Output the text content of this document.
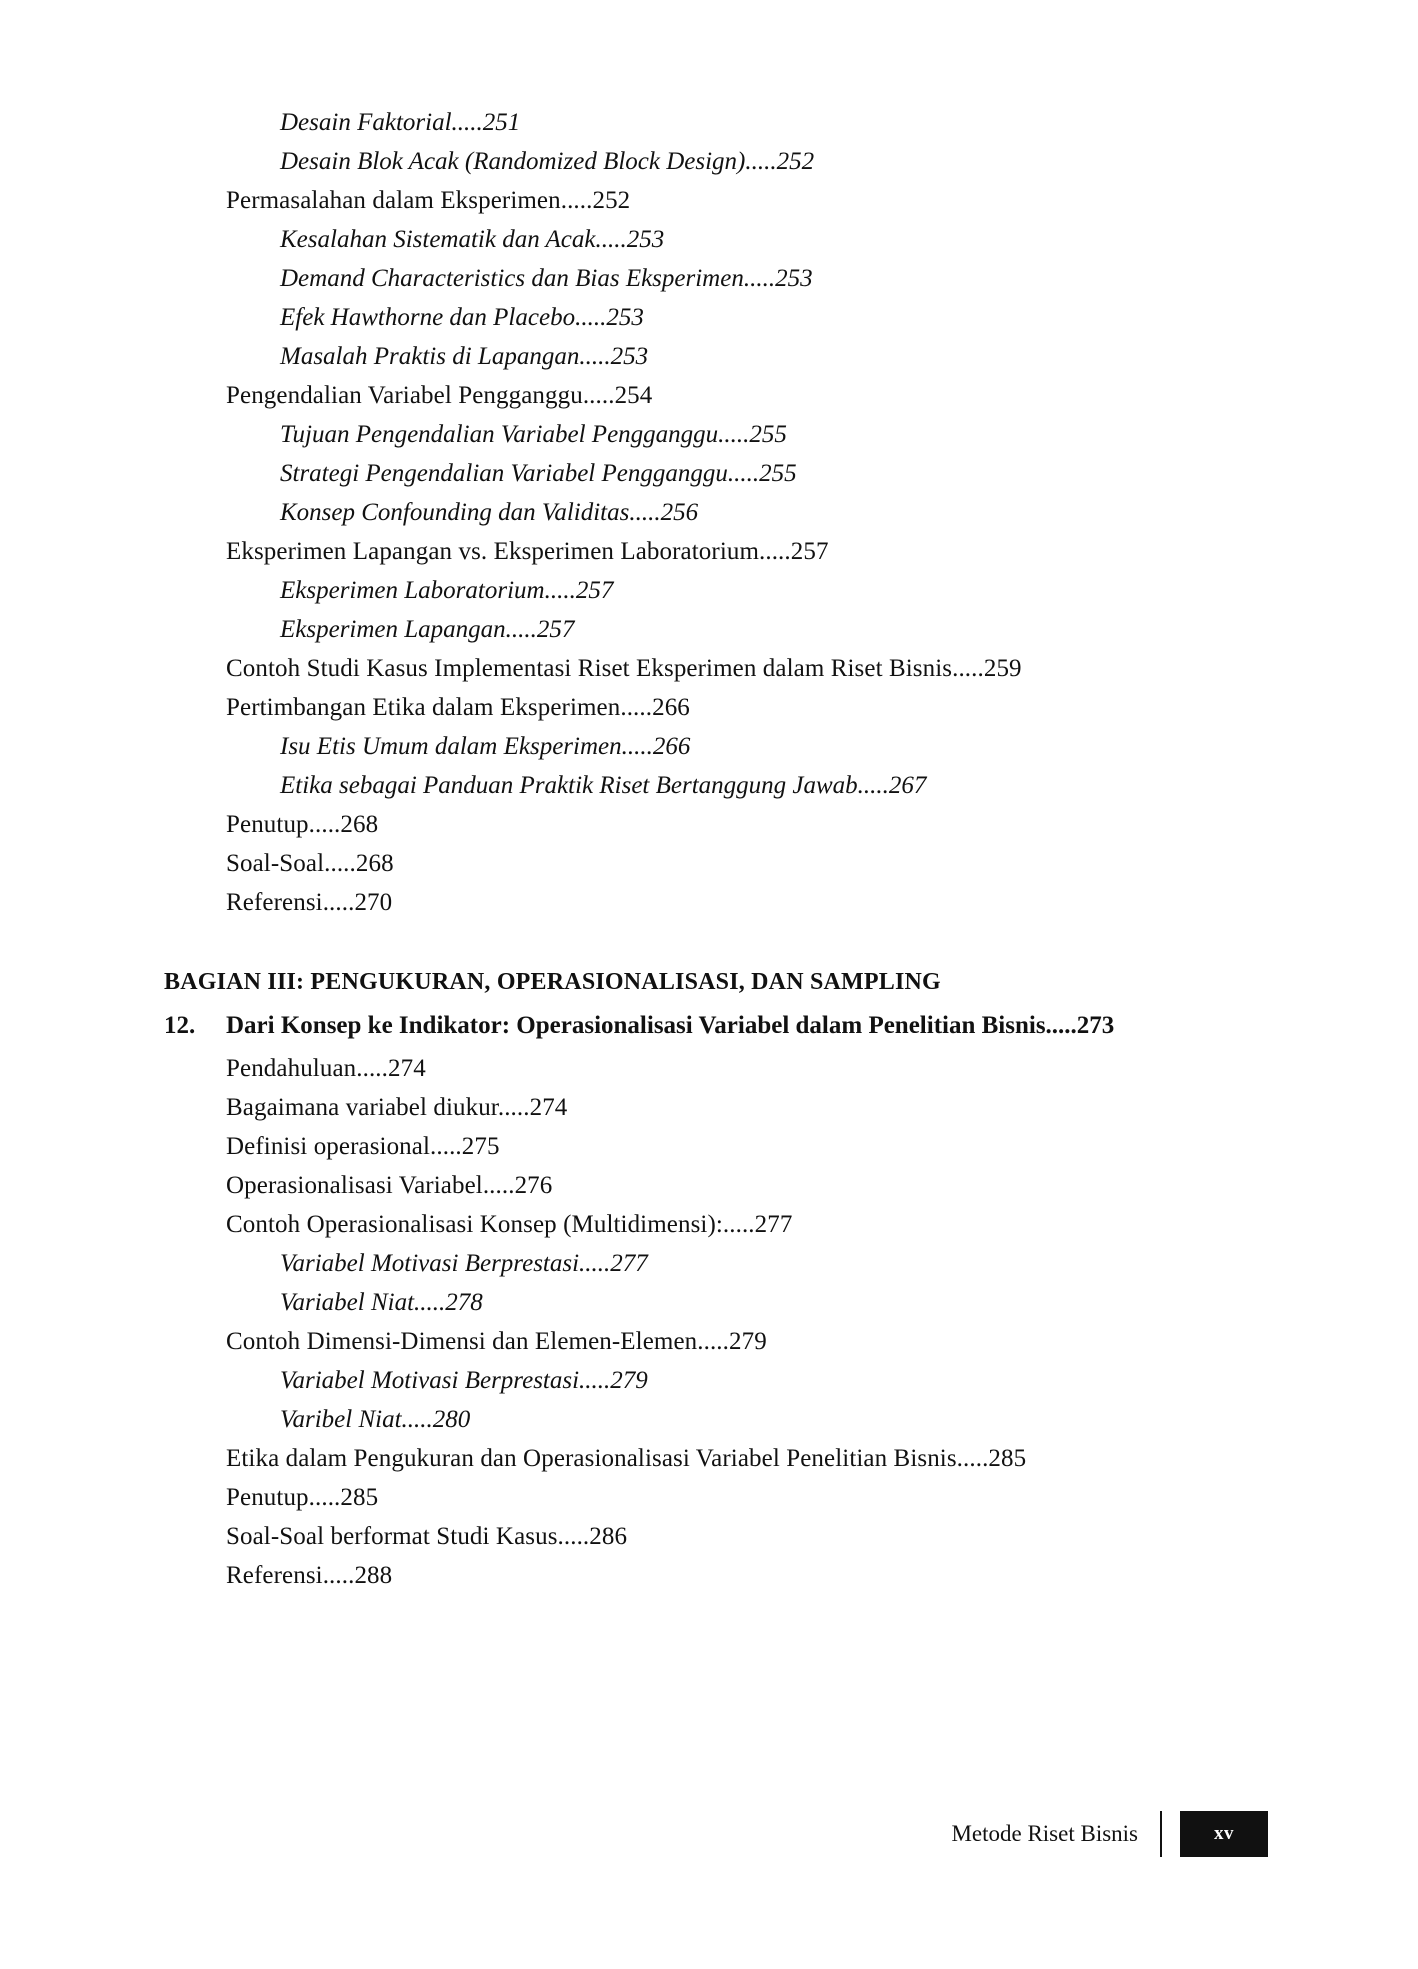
Desain Faktorial.....251
Desain Blok Acak (Randomized Block Design).....252
Permasalahan dalam Eksperimen.....252
Kesalahan Sistematik dan Acak.....253
Demand Characteristics dan Bias Eksperimen.....253
Efek Hawthorne dan Placebo.....253
Masalah Praktis di Lapangan.....253
Pengendalian Variabel Pengganggu.....254
Tujuan Pengendalian Variabel Pengganggu.....255
Strategi Pengendalian Variabel Pengganggu.....255
Konsep Confounding dan Validitas.....256
Eksperimen Lapangan vs. Eksperimen Laboratorium.....257
Eksperimen Laboratorium.....257
Eksperimen Lapangan.....257
Contoh Studi Kasus Implementasi Riset Eksperimen dalam Riset Bisnis.....259
Pertimbangan Etika dalam Eksperimen.....266
Isu Etis Umum dalam Eksperimen.....266
Etika sebagai Panduan Praktik Riset Bertanggung Jawab.....267
Penutup.....268
Soal-Soal.....268
Referensi.....270
BAGIAN III: PENGUKURAN, OPERASIONALISASI, DAN SAMPLING
12.	Dari Konsep ke Indikator: Operasionalisasi Variabel dalam Penelitian Bisnis.....273
Pendahuluan.....274
Bagaimana variabel diukur.....274
Definisi operasional.....275
Operasionalisasi Variabel.....276
Contoh Operasionalisasi Konsep (Multidimensi):.....277
Variabel Motivasi Berprestasi.....277
Variabel Niat.....278
Contoh Dimensi-Dimensi dan Elemen-Elemen.....279
Variabel Motivasi Berprestasi.....279
Varibel Niat.....280
Etika dalam Pengukuran dan Operasionalisasi Variabel Penelitian Bisnis.....285
Penutup.....285
Soal-Soal berformat Studi Kasus.....286
Referensi.....288
Metode Riset Bisnis	xv
